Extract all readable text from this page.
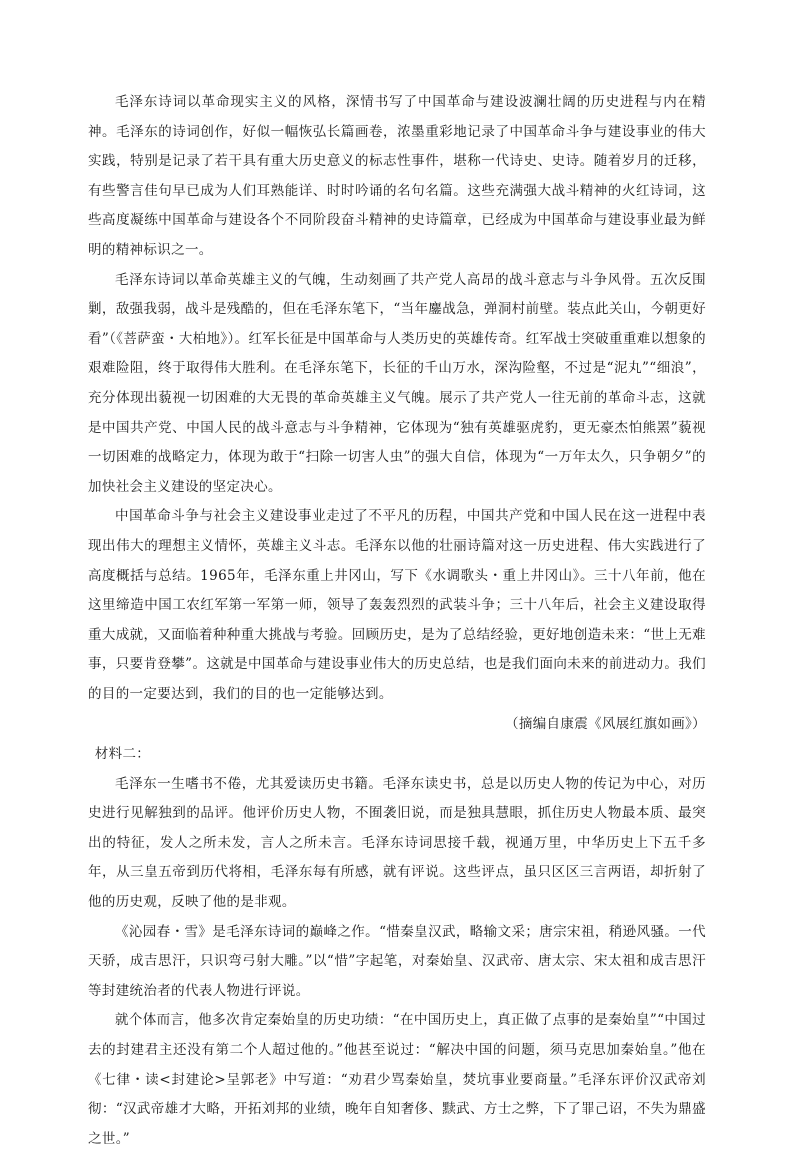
毛泽东诗词以革命现实主义的风格，深情书写了中国革命与建设波澜壮阔的历史进程与内在精神。毛泽东的诗词创作，好似一幅恢弘长篇画卷，浓墨重彩地记录了中国革命斗争与建设事业的伟大实践，特别是记录了若干具有重大历史意义的标志性事件，堪称一代诗史、史诗。随着岁月的迁移，有些警言佳句早已成为人们耳熟能详、时时吟诵的名句名篇。这些充满强大战斗精神的火红诗词，这些高度凝练中国革命与建设各个不同阶段奋斗精神的史诗篇章，已经成为中国革命与建设事业最为鲜明的精神标识之一。

毛泽东诗词以革命英雄主义的气魄，生动刻画了共产党人高昂的战斗意志与斗争风骨。五次反围剿，敌强我弱，战斗是残酷的，但在毛泽东笔下，“当年鏖战急，弹洞村前壁。装点此关山，今朝更好看”（《菩萨蛮・大柏地》）。红军长征是中国革命与人类历史的英雄传奇。红军战士突破重重难以想象的艰难险阻，终于取得伟大胜利。在毛泽东笔下，长征的千山万水，深沟险壑，不过是“泥丸”“细浪”，充分体现出藐视一切困难的大无畏的革命英雄主义气魄。展示了共产党人一往无前的革命斗志，这就是中国共产党、中国人民的战斗意志与斗争精神，它体现为“独有英雄驱虎豹，更无豪杰怕熊罴”藐视一切困难的战略定力，体现为敢于“扫除一切害人虫”的强大自信，体现为“一万年太久，只争朝夕”的加快社会主义建设的坚定决心。

中国革命斗争与社会主义建设事业走过了不平凡的历程，中国共产党和中国人民在这一进程中表现出伟大的理想主义情怀，英雄主义斗志。毛泽东以他的壮丽诗篇对这一历史进程、伟大实践进行了高度概括与总结。1965年，毛泽东重上井冈山，写下《水调歌头・重上井冈山》。三十八年前，他在这里缔造中国工农红军第一军第一师，领导了轰轰烈烈的武装斗争；三十八年后，社会主义建设取得重大成就，又面临着种种重大挑战与考验。回顾历史，是为了总结经验，更好地创造未来：“世上无难事，只要肯登攀”。这就是中国革命与建设事业伟大的历史总结，也是我们面向未来的前进动力。我们的目的一定要达到，我们的目的也一定能够达到。

（摘编自康震《风展红旗如画》）

材料二：

毛泽东一生嗜书不倦，尤其爱读历史书籍。毛泽东读史书，总是以历史人物的传记为中心，对历史进行见解独到的品评。他评价历史人物，不囿袭旧说，而是独具慧眼，抓住历史人物最本质、最突出的特征，发人之所未发，言人之所未言。毛泽东诗词思接千载，视通万里，中华历史上下五千多年，从三皇五帝到历代将相，毛泽东每有所感，就有评说。这些评点，虽只区区三言两语，却折射了他的历史观，反映了他的是非观。

《沁园春・雪》是毛泽东诗词的巅峰之作。“惜秦皇汉武，略输文采；唐宗宋祖，稍逊风骚。一代天骄，成吉思汗，只识弯弓射大雕。”以“惜”字起笔，对秦始皇、汉武帝、唐太宗、宋太祖和成吉思汗等封建统治者的代表人物进行评说。

就个体而言，他多次肯定秦始皇的历史功绩：“在中国历史上，真正做了点事的是秦始皇”“中国过去的封建君主还没有第二个人超过他的。”他甚至说过：“解决中国的问题，须马克思加秦始皇。”他在《七律・读<封建论>呈郭老》中写道：“劝君少骂秦始皇，焚坑事业要商量。”毛泽东评价汉武帝刘彻：“汉武帝雄才大略，开拓刘邦的业绩，晚年自知奢侈、黩武、方士之弊，下了罪己诏，不失为鼎盛之世。”
